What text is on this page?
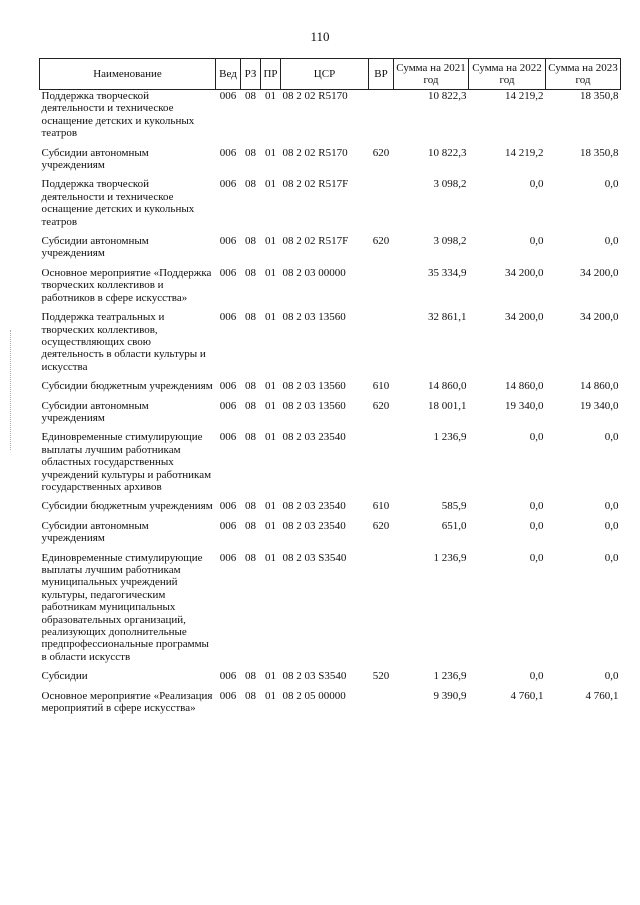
110
Наименование	Вед	РЗ	ПР	ЦСР	ВР	Сумма на 2021 год	Сумма на 2022 год	Сумма на 2023 год
Поддержка творческой деятельности и техническое оснащение детских и кукольных театров	006	08	01	08 2 02 R5170		10 822,3	14 219,2	18 350,8
Субсидии автономным учреждениям	006	08	01	08 2 02 R5170	620	10 822,3	14 219,2	18 350,8
Поддержка творческой деятельности и техническое оснащение детских и кукольных театров	006	08	01	08 2 02 R517F		3 098,2	0,0	0,0
Субсидии автономным учреждениям	006	08	01	08 2 02 R517F	620	3 098,2	0,0	0,0
Основное мероприятие «Поддержка творческих коллективов и работников в сфере искусства»	006	08	01	08 2 03 00000		35 334,9	34 200,0	34 200,0
Поддержка театральных и творческих коллективов, осуществляющих свою деятельность в области культуры и искусства	006	08	01	08 2 03 13560		32 861,1	34 200,0	34 200,0
Субсидии бюджетным учреждениям	006	08	01	08 2 03 13560	610	14 860,0	14 860,0	14 860,0
Субсидии автономным учреждениям	006	08	01	08 2 03 13560	620	18 001,1	19 340,0	19 340,0
Единовременные стимулирующие выплаты лучшим работникам областных государственных учреждений культуры и работникам государственных архивов	006	08	01	08 2 03 23540		1 236,9	0,0	0,0
Субсидии бюджетным учреждениям	006	08	01	08 2 03 23540	610	585,9	0,0	0,0
Субсидии автономным учреждениям	006	08	01	08 2 03 23540	620	651,0	0,0	0,0
Единовременные стимулирующие выплаты лучшим работникам муниципальных учреждений культуры, педагогическим работникам муниципальных образовательных организаций, реализующих дополнительные предпрофессиональные программы в области искусств	006	08	01	08 2 03 S3540		1 236,9	0,0	0,0
Субсидии	006	08	01	08 2 03 S3540	520	1 236,9	0,0	0,0
Основное мероприятие «Реализация мероприятий в сфере искусства»	006	08	01	08 2 05 00000		9 390,9	4 760,1	4 760,1
